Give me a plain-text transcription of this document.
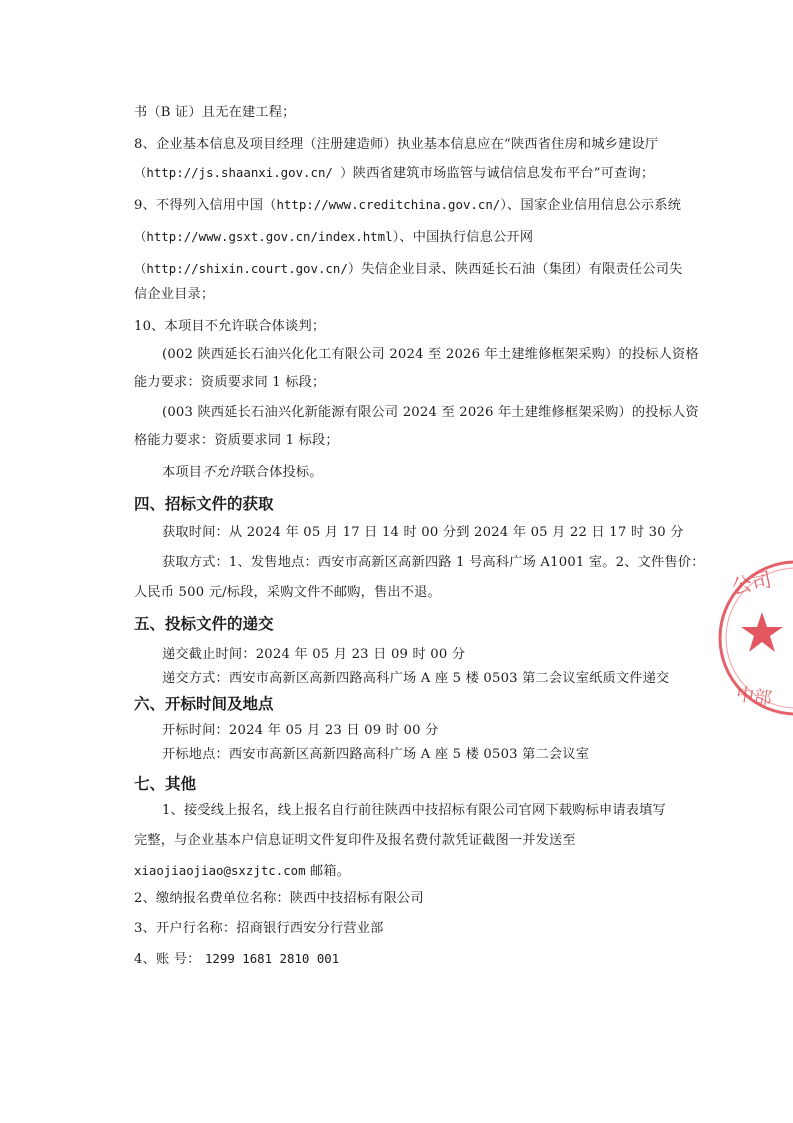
书（B 证）且无在建工程；
8、企业基本信息及项目经理（注册建造师）执业基本信息应在“陕西省住房和城乡建设厅
（http://js.shaanxi.gov.cn/ ）陕西省建筑市场监管与诚信信息发布平台”可查询；
9、不得列入信用中国（http://www.creditchina.gov.cn/）、国家企业信用信息公示系统
（http://www.gsxt.gov.cn/index.html）、中国执行信息公开网
（http://shixin.court.gov.cn/）失信企业目录、陕西延长石油（集团）有限责任公司失
信企业目录；
10、本项目不允许联合体谈判；
(002 陕西延长石油兴化化工有限公司 2024 至 2026 年土建维修框架采购）的投标人资格
能力要求：资质要求同 1 标段；
(003 陕西延长石油兴化新能源有限公司 2024 至 2026 年土建维修框架采购）的投标人资
格能力要求：资质要求同 1 标段；
本项目不允许联合体投标。
四、招标文件的获取
获取时间：从 2024 年 05 月 17 日 14 时 00 分到 2024 年 05 月 22 日 17 时 30 分
获取方式：1、发售地点：西安市高新区高新四路 1 号高科广场 A1001 室。2、文件售价：
人民币 500 元/标段，采购文件不邮购，售出不退。
五、投标文件的递交
递交截止时间：2024 年 05 月 23 日 09 时 00 分
递交方式：西安市高新区高新四路高科广场 A 座 5 楼 0503 第二会议室纸质文件递交
六、开标时间及地点
开标时间：2024 年 05 月 23 日 09 时 00 分
开标地点：西安市高新区高新四路高科广场 A 座 5 楼 0503 第二会议室
七、其他
1、接受线上报名，线上报名自行前往陕西中技招标有限公司官网下载购标申请表填写
完整，与企业基本户信息证明文件复印件及报名费付款凭证截图一并发送至
xiaojiaojiao@sxzjtc.com 邮箱。
2、缴纳报名费单位名称：陕西中技招标有限公司
3、开户行名称：招商银行西安分行营业部
4、账 号： 1299 1681 2810 001
公司
中部
